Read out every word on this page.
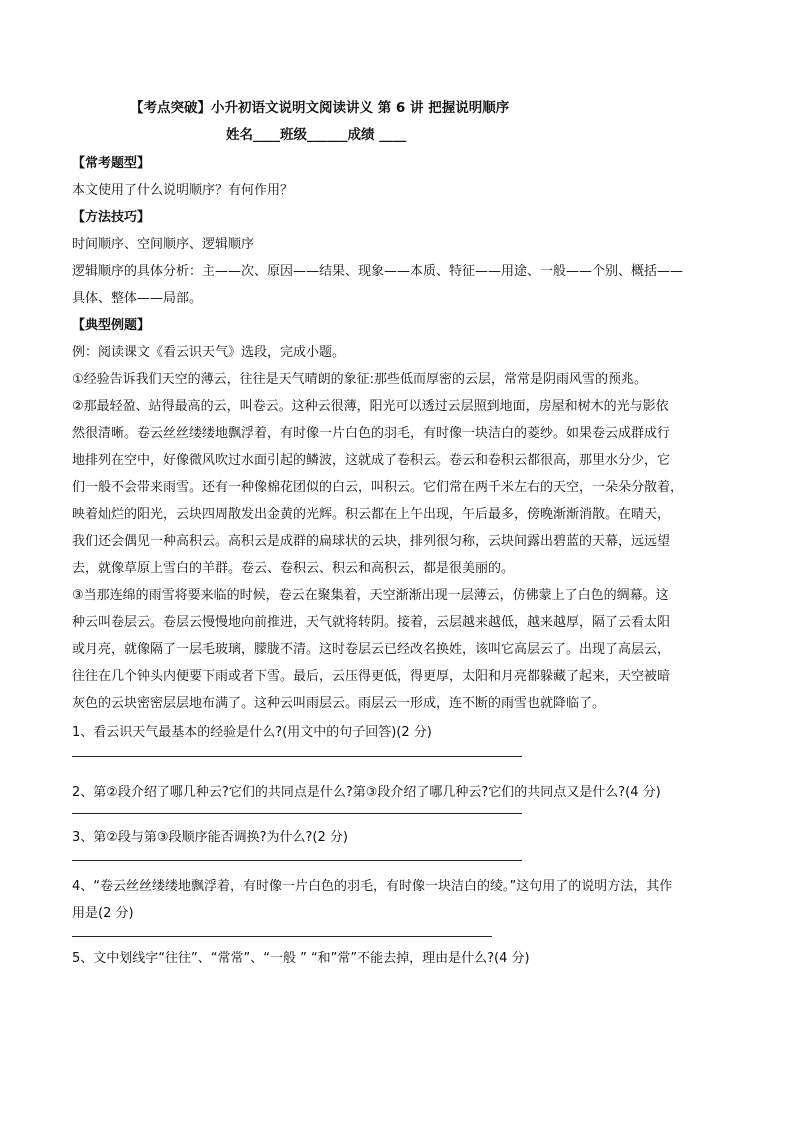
【考点突破】小升初语文说明文阅读讲义 第 6 讲 把握说明顺序
姓名____班级______成绩 ____
【常考题型】
本文使用了什么说明顺序？有何作用？
【方法技巧】
时间顺序、空间顺序、逻辑顺序
逻辑顺序的具体分析：主——次、原因——结果、现象——本质、特征——用途、一般——个别、概括——
具体、整体——局部。
【典型例题】
例：阅读课文《看云识天气》选段，完成小题。
①经验告诉我们天空的薄云，往往是天气晴朗的象征:那些低而厚密的云层，常常是阴雨风雪的预兆。
②那最轻盈、站得最高的云，叫卷云。这种云很薄，阳光可以透过云层照到地面，房屋和树木的光与影依
然很清晰。卷云丝丝缕缕地飘浮着，有时像一片白色的羽毛，有时像一块洁白的菱纱。如果卷云成群成行
地排列在空中，好像微风吹过水面引起的鳞波，这就成了卷积云。卷云和卷积云都很高，那里水分少，它
们一般不会带来雨雪。还有一种像棉花团似的白云，叫积云。它们常在两千米左右的天空，一朵朵分散着，
映着灿烂的阳光，云块四周散发出金黄的光辉。积云都在上午出现，午后最多，傍晚渐渐消散。在晴天，
我们还会偶见一种高积云。高积云是成群的扁球状的云块，排列很匀称，云块间露出碧蓝的天幕，远远望
去，就像草原上雪白的羊群。卷云、卷积云、积云和高积云，都是很美丽的。
③当那连绵的雨雪将要来临的时候，卷云在聚集着，天空渐渐出现一层薄云，仿佛蒙上了白色的绸幕。这
种云叫卷层云。卷层云慢慢地向前推进，天气就将转阴。接着，云层越来越低，越来越厚，隔了云看太阳
或月亮，就像隔了一层毛玻璃，朦胧不清。这时卷层云已经改名换姓，该叫它高层云了。出现了高层云，
往往在几个钟头内便要下雨或者下雪。最后，云压得更低，得更厚，太阳和月亮都躲藏了起来，天空被暗
灰色的云块密密层层地布满了。这种云叫雨层云。雨层云一形成，连不断的雨雪也就降临了。
1、看云识天气最基本的经验是什么?(用文中的句子回答)(2 分)
2、第②段介绍了哪几种云?它们的共同点是什么?第③段介绍了哪几种云?它们的共同点又是什么?(4 分)
3、第②段与第③段顺序能否调换?为什么?(2 分)
4、“卷云丝丝缕缕地飘浮着，有时像一片白色的羽毛，有时像一块洁白的绫。”这句用了的说明方法，其作
用是(2 分)
5、文中划线字“往往”、“常常”、“一般 ” “和”常”不能去掉，理由是什么?(4 分)
